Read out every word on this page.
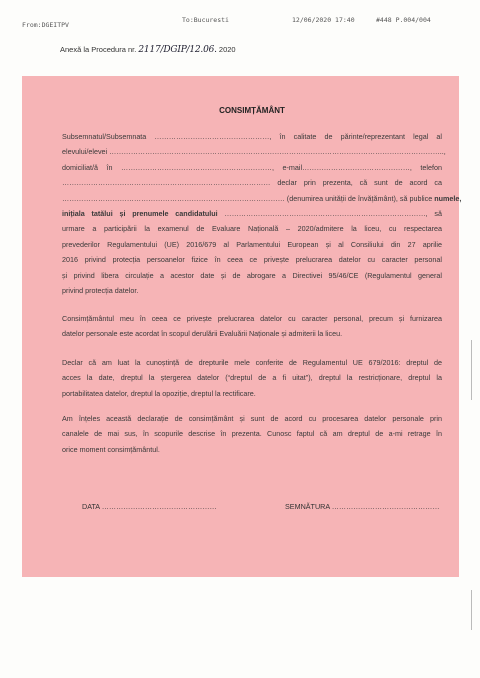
From:DGEITPV
To:Bucuresti	12/06/2020 17:40	#448 P.004/004
Anexă la Procedura nr. 2117/DGIP/12.06. 2020
CONSIMȚĂMÂNT
Subsemnatul/Subsemnata …………………………………………, în calitate de părinte/reprezentant legal al
elevului/elevei …………………………………………………………………………………………………………………………..,
domiciliat/ă în ………………………………………………………, e-mail………………………………………, telefon
…………………………………………………………………………… declar prin prezenta, că sunt de acord ca
………………………………………………………………………………… (denumirea unității de învățământ), să publice numele,
inițiala tatălui și prenumele candidatului …………………………………………………………………………, să
urmare a participării la examenul de Evaluare Națională – 2020/admitere la liceu, cu respectarea
prevederilor Regulamentului (UE) 2016/679 al Parlamentului European și al Consiliului din 27 aprilie
2016 privind protecția persoanelor fizice în ceea ce privește prelucrarea datelor cu caracter personal
și privind libera circulație a acestor date și de abrogare a Directivei 95/46/CE (Regulamentul general
privind protecția datelor.
Consimțământul meu în ceea ce privește prelucrarea datelor cu caracter personal, precum și furnizarea
datelor personale este acordat în scopul derulării Evaluării Naționale și admiterii la liceu.
Declar că am luat la cunoștință de drepturile mele conferite de Regulamentul UE 679/2016: dreptul de
acces la date, dreptul la ștergerea datelor (“dreptul de a fi uitat”), dreptul la restricționare, dreptul la
portabilitatea datelor, dreptul la opoziție, dreptul la rectificare.
Am înțeles această declarație de consimțământ și sunt de acord cu procesarea datelor personale prin
canalele de mai sus, în scopurile descrise în prezenta. Cunosc faptul că am dreptul de a-mi retrage în
orice moment consimțământul.
DATA …………………………………………	SEMNĂTURA ………………………………………
